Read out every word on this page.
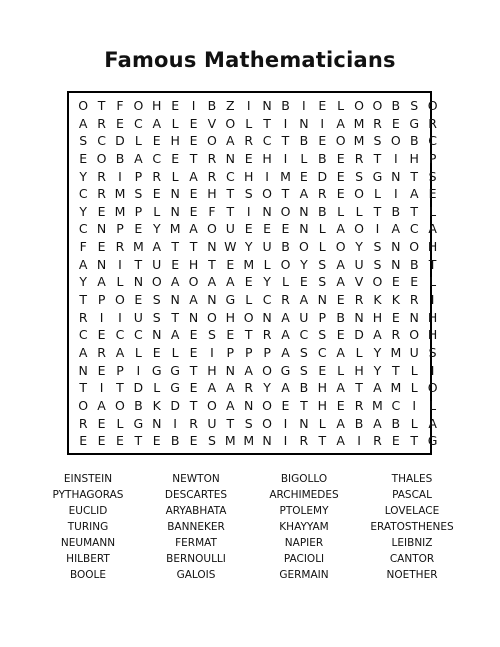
Famous Mathematicians
O T F O H E	I B Z I N B I	E L O O B S O
A R E C A L E V O L T	I N I A M R E G R
S C D L E H E O A R C T B E O M S O B C
E O B A C E T R N E H I	L B E R T	I H P
Y R I	P R L A R C H I M E D E S G N T S
C R M S E N E H T S O T A R E O L	I A E
Y E M P L N E F T	I N O N B L L T B T L
C N P E Y M A O U E E E N L A O I A C A
F E R M A T T N W Y U B O L O Y S N O H
A N I	T U E H T E M L O Y S A U S N B T
Y A L N O A O A A E Y L E S A V O E E L
T P O E S N A N G L C R A N E R K K R I
R I	I U S T N O H O N A U P B N H E N H
C E C C N A E S E T R A C S E D A R O H
A R A L E L E	I	P P P A S C A L Y M U S
N E P	I G G T H N A O G S E L H Y T L	I
T	I	T D L G E A A R Y A B H A T A M L O
O A O B K D T O A N O E T H E R M C I	L
R E L G N I R U T S O I N L A B A B L A
E E E T E B E S M M N I R T A I R E T G
EINSTEIN	NEWTON	BIGOLLO	THALES
PYTHAGORAS	DESCARTES	ARCHIMEDES	PASCAL
EUCLID	ARYABHATA	PTOLEMY	LOVELACE
TURING	BANNEKER	KHAYYAM	ERATOSTHENES
NEUMANN	FERMAT	NAPIER	LEIBNIZ
HILBERT	BERNOULLI	PACIOLI	CANTOR
BOOLE	GALOIS	GERMAIN	NOETHER
